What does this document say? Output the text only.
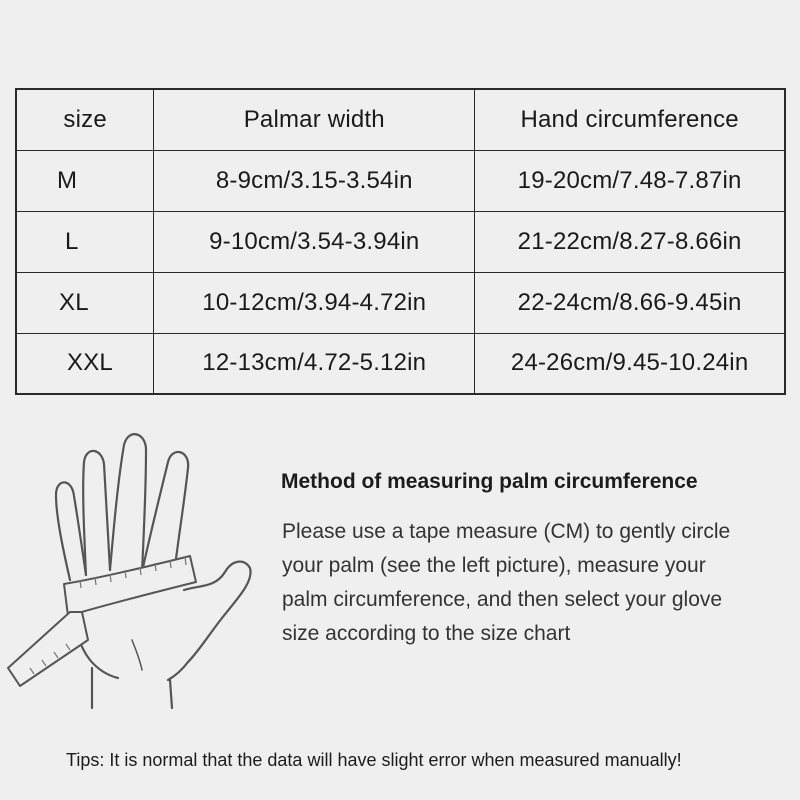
size	Palmar width	Hand circumference
M	8-9cm/3.15-3.54in	19-20cm/7.48-7.87in
L	9-10cm/3.54-3.94in	21-22cm/8.27-8.66in
XL	10-12cm/3.94-4.72in	22-24cm/8.66-9.45in
XXL	12-13cm/4.72-5.12in	24-26cm/9.45-10.24in
Method of measuring palm circumference
Please use a tape measure (CM) to gently circle
your palm (see the left picture), measure your
palm circumference, and then select your glove
size according to the size chart
Tips: It is normal that the data will have slight error when measured manually!
